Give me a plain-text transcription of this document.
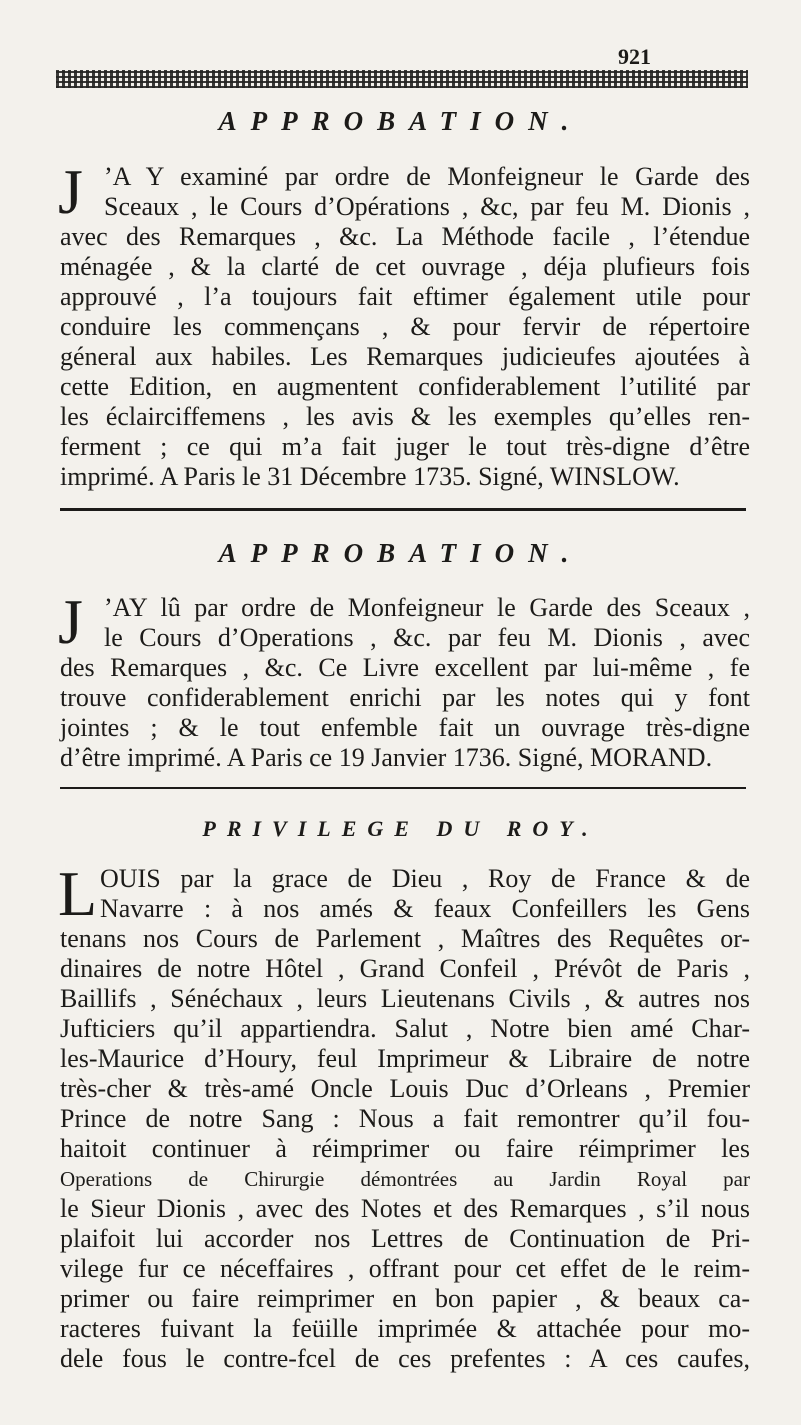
921
APPROBATION.
J ’A Y examiné par ordre de Monfeigneur le Garde des
Sceaux , le Cours d’Opérations , &c, par feu M. Dionis ,
avec des Remarques , &c. La Méthode facile , l’étendue
ménagée , & la clarté de cet ouvrage , déja plufieurs fois
approuvé , l’a toujours fait eftimer également utile pour
conduire les commençans , & pour fervir de répertoire
géneral aux habiles. Les Remarques judicieufes ajoutées à
cette Edition, en augmentent confiderablement l’utilité par
les éclairciffemens , les avis & les exemples qu’elles ren-
ferment ; ce qui m’a fait juger le tout très-digne d’être
imprimé. A Paris le 31 Décembre 1735. Signé, WINSLOW.
APPROBATION.
J ’AY lû par ordre de Monfeigneur le Garde des Sceaux ,
le Cours d’Operations , &c. par feu M. Dionis , avec
des Remarques , &c. Ce Livre excellent par lui-même , fe
trouve confiderablement enrichi par les notes qui y font
jointes ; & le tout enfemble fait un ouvrage très-digne
d’être imprimé. A Paris ce 19 Janvier 1736. Signé, MORAND.
PRIVILEGE DU ROY.
L OUIS par la grace de Dieu , Roy de France & de
Navarre : à nos amés & feaux Confeillers les Gens
tenans nos Cours de Parlement , Maîtres des Requêtes or-
dinaires de notre Hôtel , Grand Confeil , Prévôt de Paris ,
Baillifs , Sénéchaux , leurs Lieutenans Civils , & autres nos
Jufticiers qu’il appartiendra. Salut , Notre bien amé Char-
les-Maurice d’Houry, feul Imprimeur & Libraire de notre
très-cher & très-amé Oncle Louis Duc d’Orleans , Premier
Prince de notre Sang : Nous a fait remontrer qu’il fou-
haitoit continuer à réimprimer ou faire réimprimer les
Operations de Chirurgie démontrées au Jardin Royal par
le Sieur Dionis , avec des Notes et des Remarques , s’il nous
plaifoit lui accorder nos Lettres de Continuation de Pri-
vilege fur ce néceffaires , offrant pour cet effet de le reim-
primer ou faire reimprimer en bon papier , & beaux ca-
racteres fuivant la feüille imprimée & attachée pour mo-
dele fous le contre-fcel de ces prefentes : A ces caufes,
